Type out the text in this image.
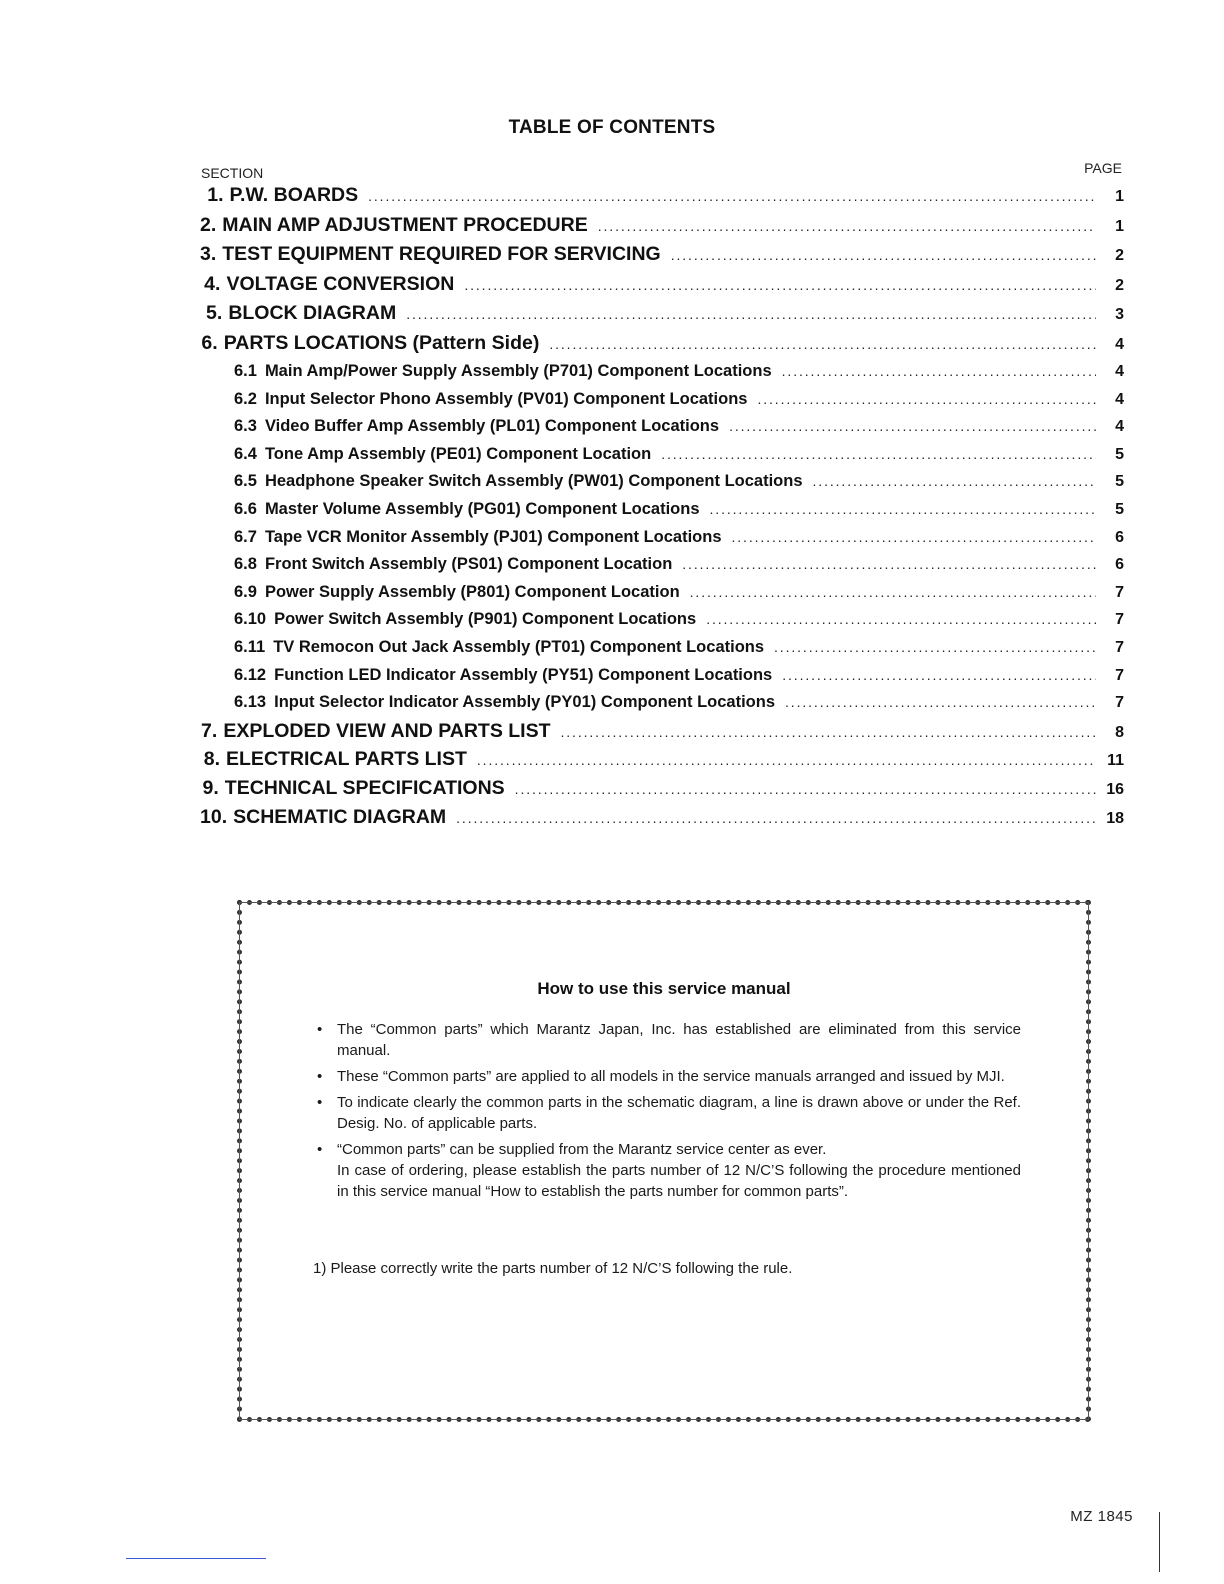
TABLE OF CONTENTS
SECTION	PAGE
1. P.W. BOARDS . . .	1
2. MAIN AMP ADJUSTMENT PROCEDURE . . .	1
3. TEST EQUIPMENT REQUIRED FOR SERVICING . . .	2
4. VOLTAGE CONVERSION . . .	2
5. BLOCK DIAGRAM . . .	3
6. PARTS LOCATIONS (Pattern Side) . . .	4
6.1 Main Amp/Power Supply Assembly (P701) Component Locations . . .	4
6.2 Input Selector Phono Assembly (PV01) Component Locations . . .	4
6.3 Video Buffer Amp Assembly (PL01) Component Locations . . .	4
6.4 Tone Amp Assembly (PE01) Component Location . . .	5
6.5 Headphone Speaker Switch Assembly (PW01) Component Locations . . .	5
6.6 Master Volume Assembly (PG01) Component Locations . . .	5
6.7 Tape VCR Monitor Assembly (PJ01) Component Locations . . .	6
6.8 Front Switch Assembly (PS01) Component Location . . .	6
6.9 Power Supply Assembly (P801) Component Location . . .	7
6.10 Power Switch Assembly (P901) Component Locations . . .	7
6.11 TV Remocon Out Jack Assembly (PT01) Component Locations . . .	7
6.12 Function LED Indicator Assembly (PY51) Component Locations . . .	7
6.13 Input Selector Indicator Assembly (PY01) Component Locations . . .	7
7. EXPLODED VIEW AND PARTS LIST . . .	8
8. ELECTRICAL PARTS LIST . . .	11
9. TECHNICAL SPECIFICATIONS . . .	16
10. SCHEMATIC DIAGRAM . . .	18
How to use this service manual
• The “Common parts” which Marantz Japan, Inc. has established are eliminated from this service manual.
• These “Common parts” are applied to all models in the service manuals arranged and issued by MJI.
• To indicate clearly the common parts in the schematic diagram, a line is drawn above or under the Ref. Desig. No. of applicable parts.
• “Common parts” can be supplied from the Marantz service center as ever.
In case of ordering, please establish the parts number of 12 N/C’S following the procedure mentioned in this service manual “How to establish the parts number for common parts”.
1) Please correctly write the parts number of 12 N/C’S following the rule.
MZ 1845
